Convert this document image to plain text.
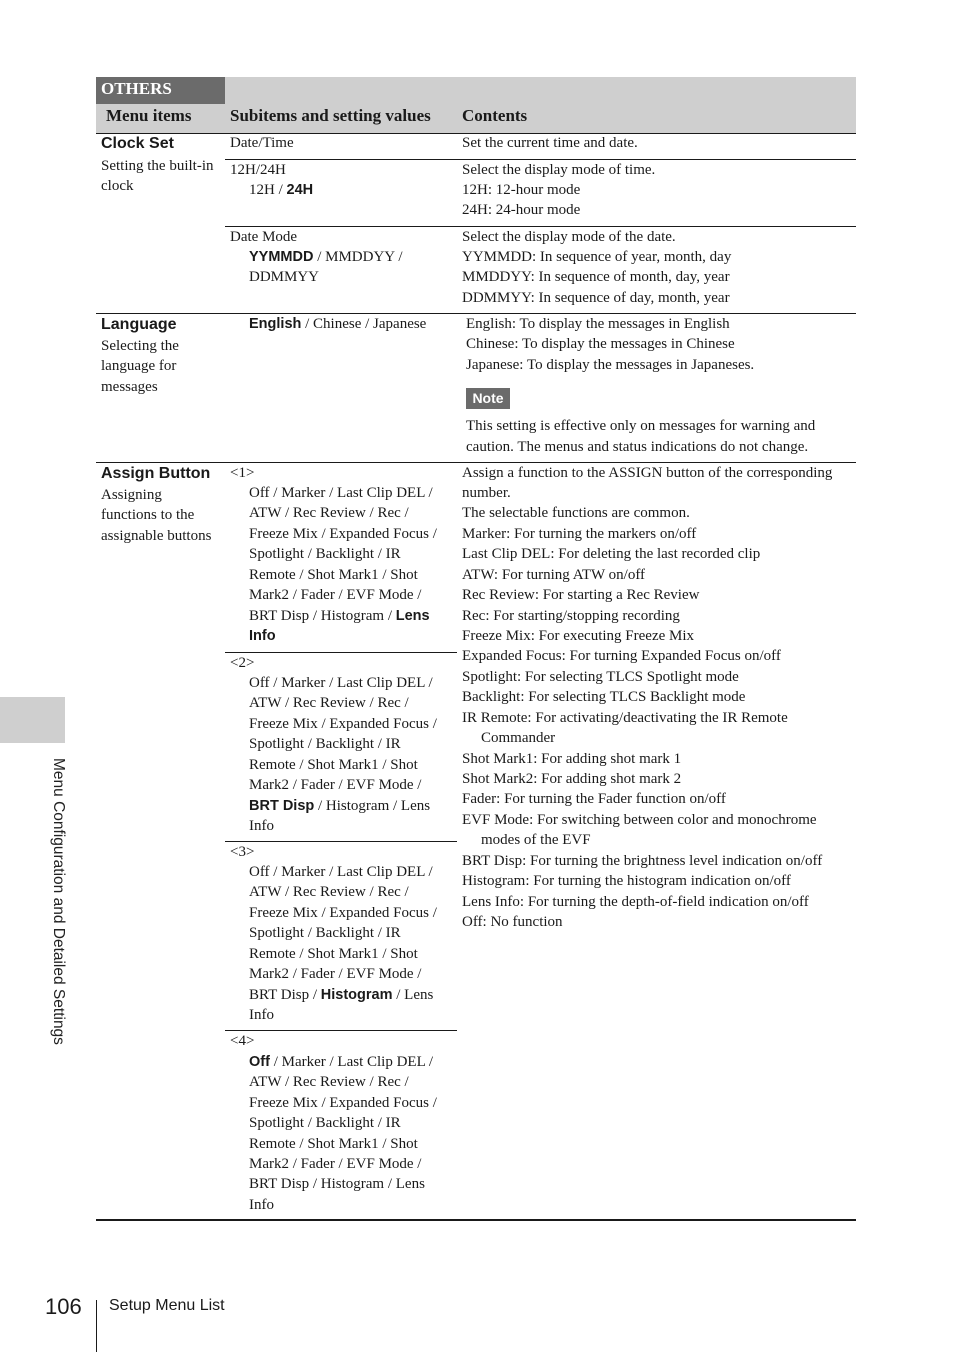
OTHERS
Menu items Subitems and setting values Contents
Clock Set
Setting the built-in
clock
Date/Time	Set the current time and date.
12H/24H
12H / 24H
Select the display mode of time.
12H: 12-hour mode
24H: 24-hour mode
Date Mode
YYMMDD / MMDDYY /
DDMMYY
Select the display mode of the date.
YYMMDD: In sequence of year, month, day
MMDDYY: In sequence of month, day, year
DDMMYY: In sequence of day, month, year
Language
Selecting the
language for
messages
English / Chinese / Japanese	English: To display the messages in English
Chinese: To display the messages in Chinese
Japanese: To display the messages in Japaneses.
Note
This setting is effective only on messages for warning and
caution. The menus and status indications do not change.
Assign Button
Assigning
functions to the
assignable buttons
<1>
Off / Marker / Last Clip DEL /
ATW / Rec Review / Rec /
Freeze Mix / Expanded Focus /
Spotlight / Backlight / IR
Remote / Shot Mark1 / Shot
Mark2 / Fader / EVF Mode /
BRT Disp / Histogram / Lens
Info
<2>
Off / Marker / Last Clip DEL /
ATW / Rec Review / Rec /
Freeze Mix / Expanded Focus /
Spotlight / Backlight / IR
Remote / Shot Mark1 / Shot
Mark2 / Fader / EVF Mode /
BRT Disp / Histogram / Lens
Info
<3>
Off / Marker / Last Clip DEL /
ATW / Rec Review / Rec /
Freeze Mix / Expanded Focus /
Spotlight / Backlight / IR
Remote / Shot Mark1 / Shot
Mark2 / Fader / EVF Mode /
BRT Disp / Histogram / Lens
Info
<4>
Off / Marker / Last Clip DEL /
ATW / Rec Review / Rec /
Freeze Mix / Expanded Focus /
Spotlight / Backlight / IR
Remote / Shot Mark1 / Shot
Mark2 / Fader / EVF Mode /
BRT Disp / Histogram / Lens
Info
Assign a function to the ASSIGN button of the corresponding
number.
The selectable functions are common.
Marker: For turning the markers on/off
Last Clip DEL: For deleting the last recorded clip
ATW: For turning ATW on/off
Rec Review: For starting a Rec Review
Rec: For starting/stopping recording
Freeze Mix: For executing Freeze Mix
Expanded Focus: For turning Expanded Focus on/off
Spotlight: For selecting TLCS Spotlight mode
Backlight: For selecting TLCS Backlight mode
IR Remote: For activating/deactivating the IR Remote
Commander
Shot Mark1: For adding shot mark 1
Shot Mark2: For adding shot mark 2
Fader: For turning the Fader function on/off
EVF Mode: For switching between color and monochrome
modes of the EVF
BRT Disp: For turning the brightness level indication on/off
Histogram: For turning the histogram indication on/off
Lens Info: For turning the depth-of-field indication on/off
Off: No function
Menu Configuration and Detailed Settings
106 Setup Menu List
